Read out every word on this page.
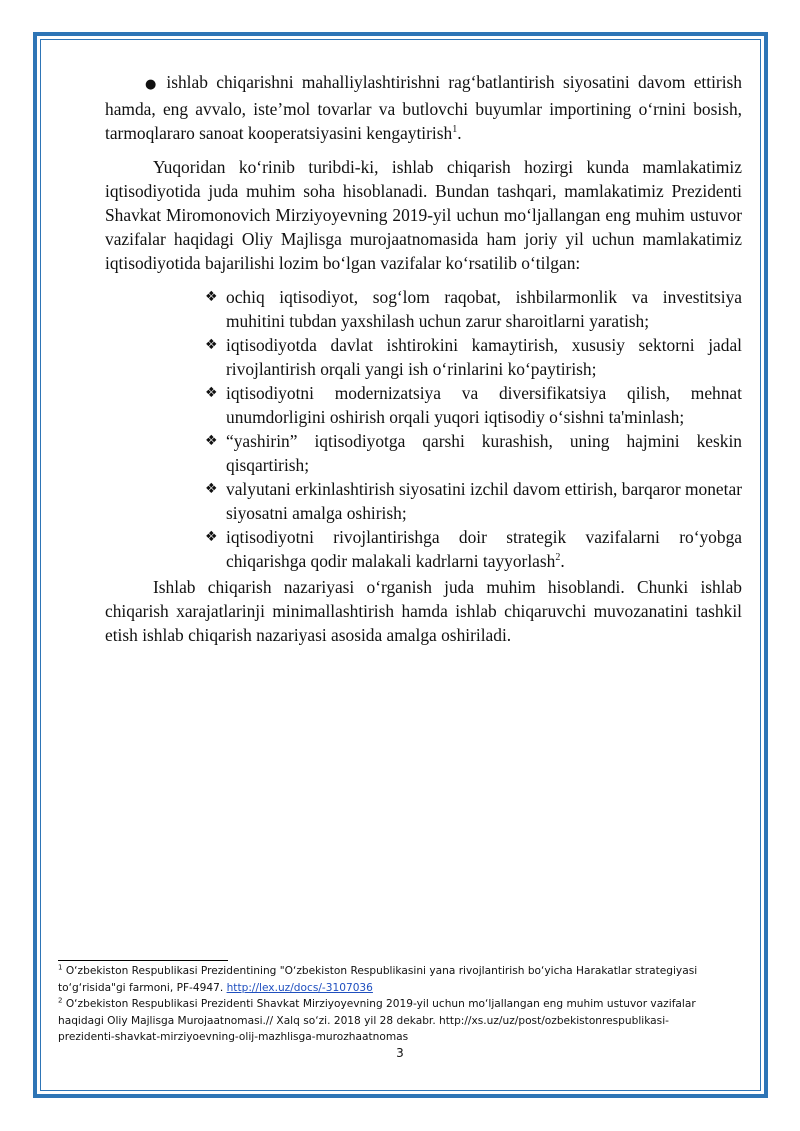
● ishlab chiqarishni mahalliylashtirishni rag‘batlantirish siyosatini davom ettirish hamda, eng avvalo, iste’mol tovarlar va butlovchi buyumlar importining o‘rnini bosish, tarmoqlararo sanoat kooperatsiyasini kengaytirish$^1$.

Yuqoridan ko‘rinib turibdi-ki, ishlab chiqarish hozirgi kunda mamlakatimiz iqtisodiyotida juda muhim soha hisoblanadi. Bundan tashqari, mamlakatimiz Prezidenti Shavkat Miromonovich Mirziyoyevning 2019-yil uchun mo‘ljallangan eng muhim ustuvor vazifalar haqidagi Oliy Majlisga murojaatnomasida ham joriy yil uchun mamlakatimiz iqtisodiyotida bajarilishi lozim bo‘lgan vazifalar ko‘rsatilib o‘tilgan:

❖ ochiq iqtisodiyot, sog‘lom raqobat, ishbilarmonlik va investitsiya muhitini tubdan yaxshilash uchun zarur sharoitlarni yaratish;
❖ iqtisodiyotda davlat ishtirokini kamaytirish, xususiy sektorni jadal rivojlantirish orqali yangi ish o‘rinlarini ko‘paytirish;
❖ iqtisodiyotni modernizatsiya va diversifikatsiya qilish, mehnat unumdorligini oshirish orqali yuqori iqtisodiy o‘sishni ta'minlash;
❖ “yashirin” iqtisodiyotga qarshi kurashish, uning hajmini keskin qisqartirish;
❖ valyutani erkinlashtirish siyosatini izchil davom ettirish, barqaror monetar siyosatni amalga oshirish;
❖ iqtisodiyotni rivojlantirishga doir strategik vazifalarni ro‘yobga chiqarishga qodir malakali kadrlarni tayyorlash$^2$.

Ishlab chiqarish nazariyasi o‘rganish juda muhim hisoblandi. Chunki ishlab chiqarish xarajatlarinji minimallashtirish hamda ishlab chiqaruvchi muvozanatini tashkil etish ishlab chiqarish nazariyasi asosida amalga oshiriladi.

$^1$ O‘zbekiston Respublikasi Prezidentining "O‘zbekiston Respublikasini yana rivojlantirish bo‘yicha Harakatlar strategiyasi to‘g‘risida"gi farmoni, PF-4947. http://lex.uz/docs/-3107036
$^2$ O‘zbekiston Respublikasi Prezidenti Shavkat Mirziyoyevning 2019-yil uchun mo‘ljallangan eng muhim ustuvor vazifalar haqidagi Oliy Majlisga Murojaatnomasi.// Xalq so‘zi. 2018 yil 28 dekabr. http://xs.uz/uz/post/ozbekistonrespublikasi-prezidenti-shavkat-mirziyoevning-olij-mazhlisga-murozhaatnomas
3
